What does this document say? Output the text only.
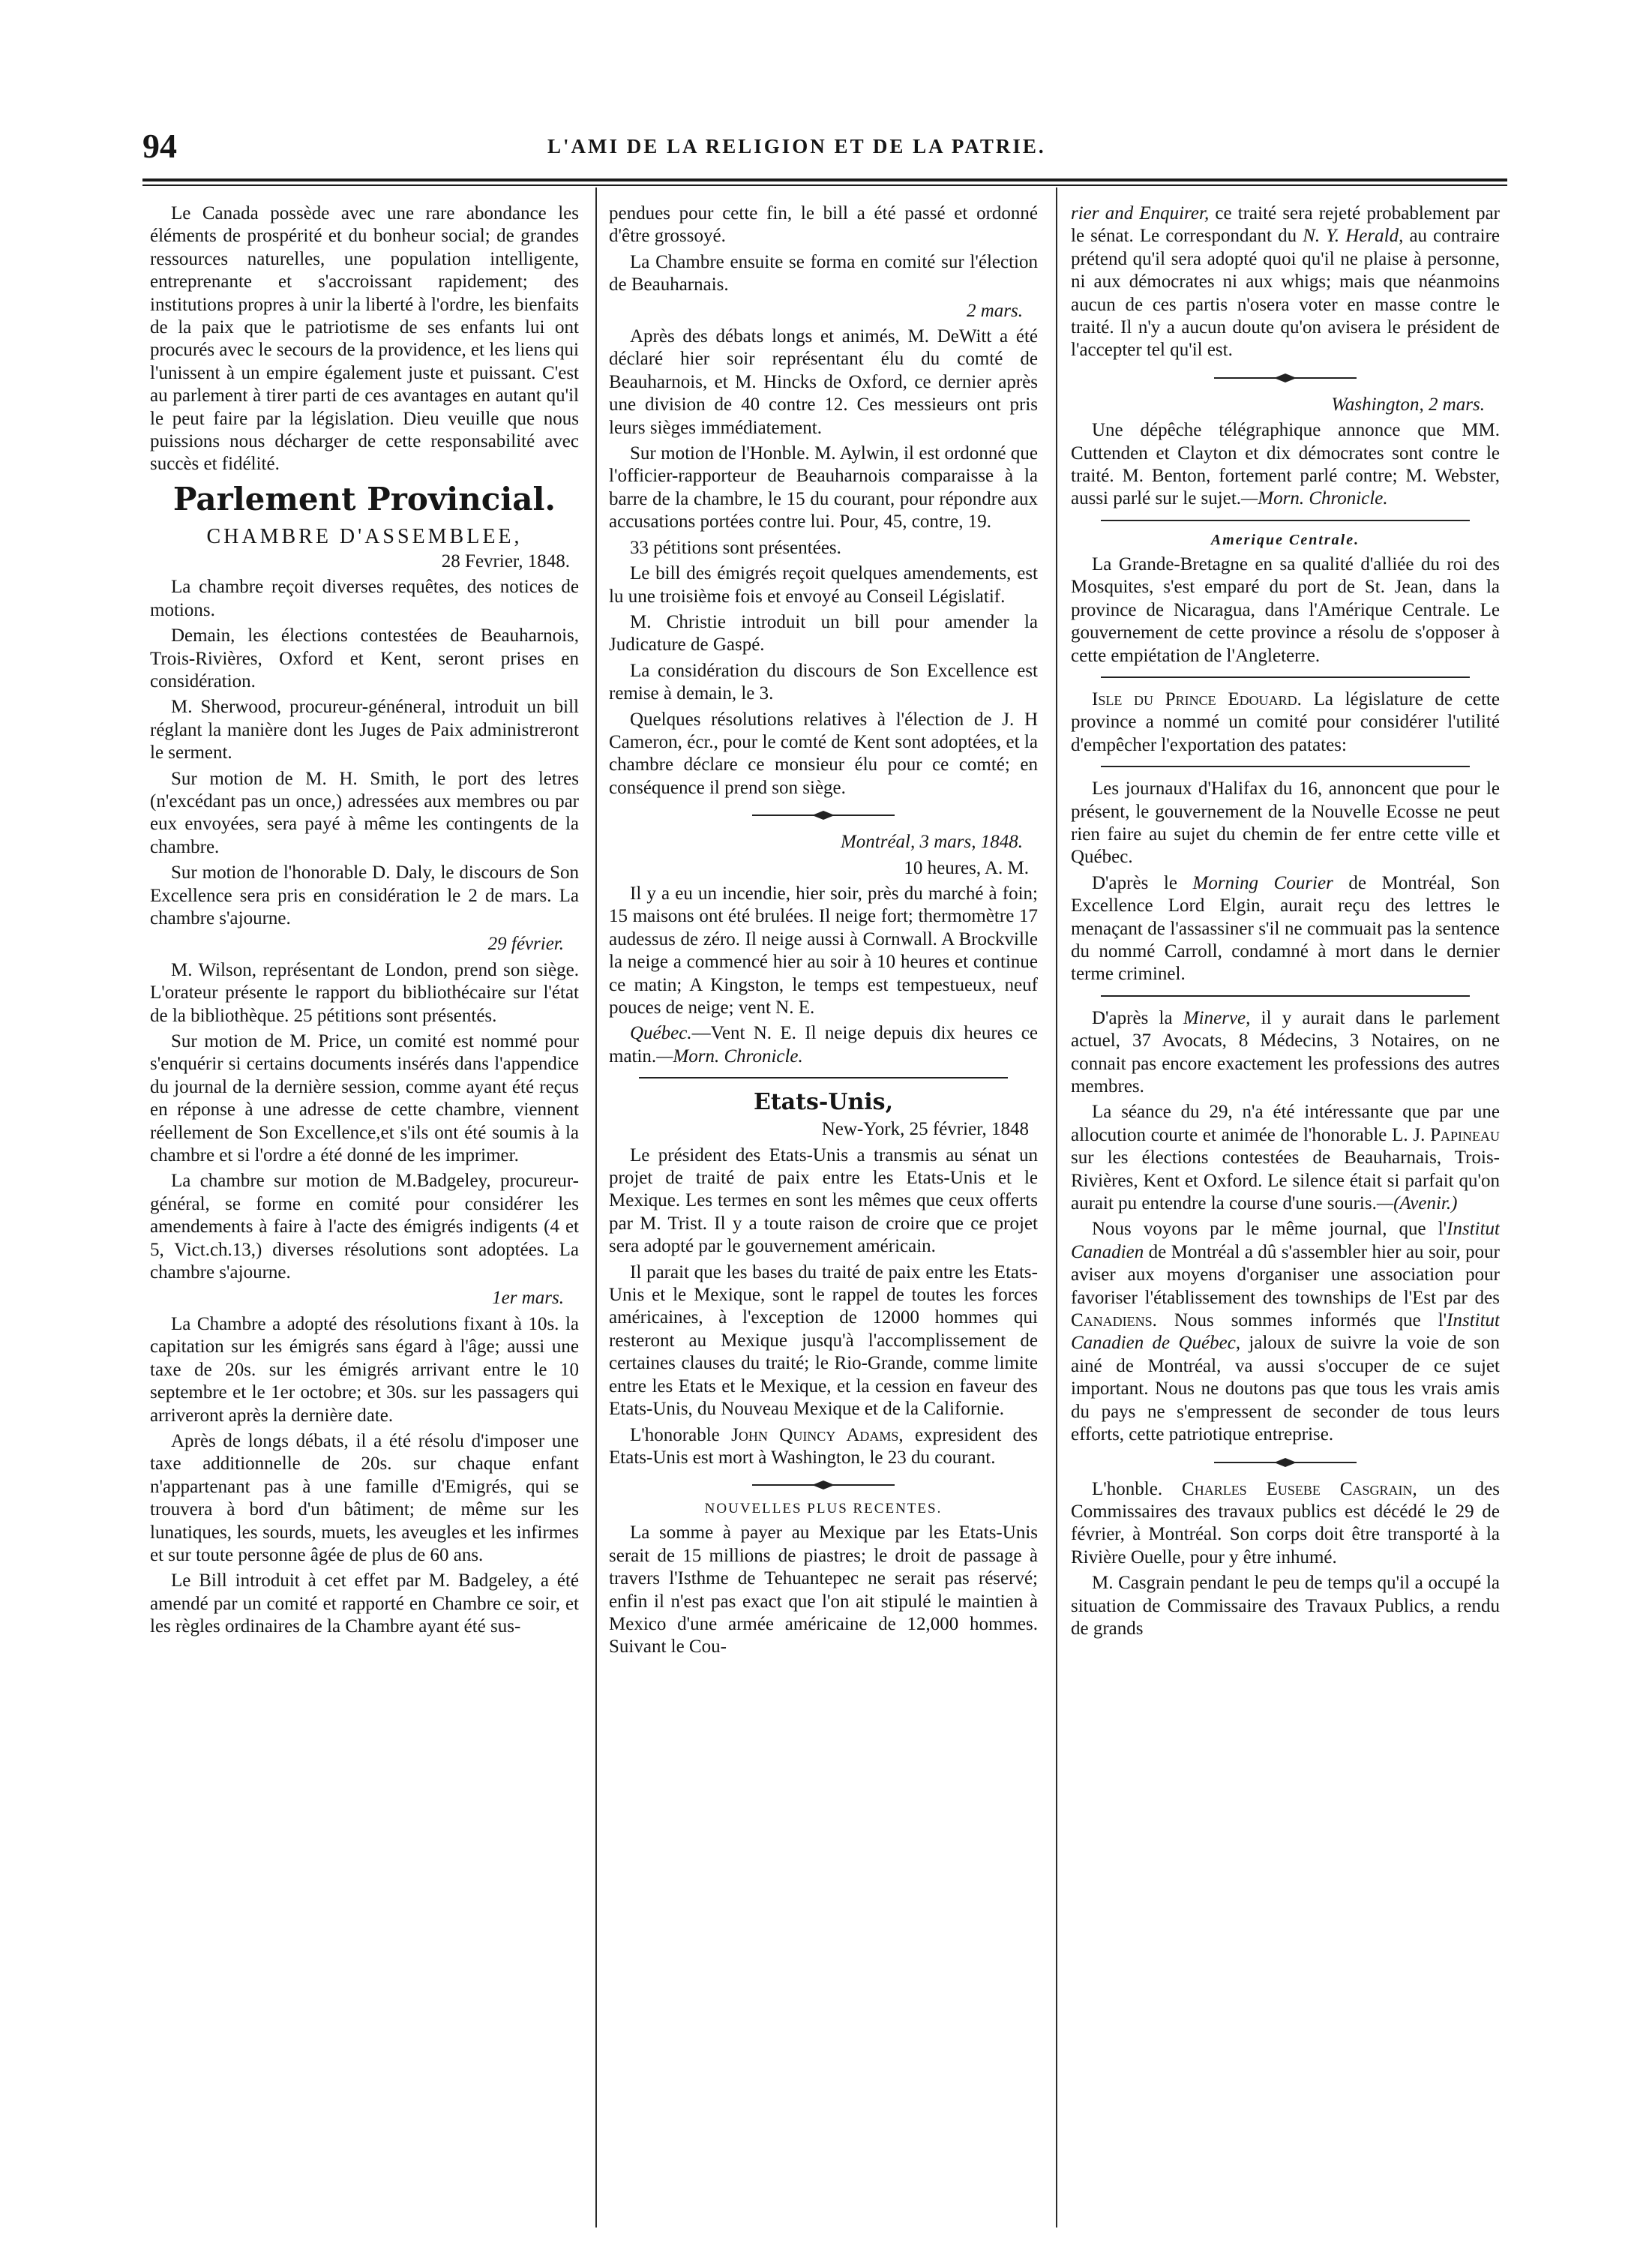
94	L'AMI DE LA RELIGION ET DE LA PATRIE.

Le Canada possède avec une rare abondance les éléments de prospérité et du bonheur social; de grandes ressources naturelles, une population intelligente, entreprenante et s'accroissant rapidement; des institutions propres à unir la liberté à l'ordre, les bienfaits de la paix que le patriotisme de ses enfants lui ont procurés avec le secours de la providence, et les liens qui l'unissent à un empire également juste et puissant. C'est au parlement à tirer parti de ces avantages en autant qu'il le peut faire par la législation. Dieu veuille que nous puissions nous décharger de cette responsabilité avec succès et fidélité.

Parlement Provincial.
CHAMBRE D'ASSEMBLEE,

28 Fevrier, 1848.

La chambre reçoit diverses requêtes, des notices de motions.

Demain, les élections contestées de Beauharnois, Trois-Rivières, Oxford et Kent, seront prises en considération.

M. Sherwood, procureur-généneral, introduit un bill réglant la manière dont les Juges de Paix administreront le serment.

Sur motion de M. H. Smith, le port des letres (n'excédant pas un once,) adressées aux membres ou par eux envoyées, sera payé à même les contingents de la chambre.

Sur motion de l'honorable D. Daly, le discours de Son Excellence sera pris en considération le 2 de mars. La chambre s'ajourne.

29 février.

M. Wilson, représentant de London, prend son siège. L'orateur présente le rapport du bibliothécaire sur l'état de la bibliothèque. 25 pétitions sont présentés.

Sur motion de M. Price, un comité est nommé pour s'enquérir si certains documents insérés dans l'appendice du journal de la dernière session, comme ayant été reçus en réponse à une adresse de cette chambre, viennent réellement de Son Excellence,et s'ils ont été soumis à la chambre et si l'ordre a été donné de les imprimer.

La chambre sur motion de M.Badgeley, procureur-général, se forme en comité pour considérer les amendements à faire à l'acte des émigrés indigents (4 et 5, Vict.ch.13,) diverses résolutions sont adoptées. La chambre s'ajourne.

1er mars.

La Chambre a adopté des résolutions fixant à 10s. la capitation sur les émigrés sans égard à l'âge; aussi une taxe de 20s. sur les émigrés arrivant entre le 10 septembre et le 1er octobre; et 30s. sur les passagers qui arriveront après la dernière date.

Après de longs débats, il a été résolu d'imposer une taxe additionnelle de 20s. sur chaque enfant n'appartenant pas à une famille d'Emigrés, qui se trouvera à bord d'un bâtiment; de même sur les lunatiques, les sourds, muets, les aveugles et les infirmes et sur toute personne âgée de plus de 60 ans.

Le Bill introduit à cet effet par M. Badgeley, a été amendé par un comité et rapporté en Chambre ce soir, et les règles ordinaires de la Chambre ayant été sus-

pendues pour cette fin, le bill a été passé et ordonné d'être grossoyé.

La Chambre ensuite se forma en comité sur l'élection de Beauharnais.

2 mars.

Après des débats longs et animés, M. DeWitt a été déclaré hier soir représentant élu du comté de Beauharnois, et M. Hincks de Oxford, ce dernier après une division de 40 contre 12. Ces messieurs ont pris leurs sièges immédiatement.

Sur motion de l'Honble. M. Aylwin, il est ordonné que l'officier-rapporteur de Beauharnois comparaisse à la barre de la chambre, le 15 du courant, pour répondre aux accusations portées contre lui. Pour, 45, contre, 19.

33 pétitions sont présentées.

Le bill des émigrés reçoit quelques amendements, est lu une troisième fois et envoyé au Conseil Législatif.

M. Christie introduit un bill pour amender la Judicature de Gaspé.

La considération du discours de Son Excellence est remise à demain, le 3.

Quelques résolutions relatives à l'élection de J. H Cameron, écr., pour le comté de Kent sont adoptées, et la chambre déclare ce monsieur élu pour ce comté; en conséquence il prend son siège.

Montréal, 3 mars, 1848.

10 heures, A. M.

Il y a eu un incendie, hier soir, près du marché à foin; 15 maisons ont été brulées. Il neige fort; thermomètre 17 audessus de zéro. Il neige aussi à Cornwall. A Brockville la neige a commencé hier au soir à 10 heures et continue ce matin; A Kingston, le temps est tempestueux, neuf pouces de neige; vent N. E.

Québec.—Vent N. E. Il neige depuis dix heures ce matin.—Morn. Chronicle.

Etats-Unis,

New-York, 25 février, 1848

Le président des Etats-Unis a transmis au sénat un projet de traité de paix entre les Etats-Unis et le Mexique. Les termes en sont les mêmes que ceux offerts par M. Trist. Il y a toute raison de croire que ce projet sera adopté par le gouvernement américain.

Il parait que les bases du traité de paix entre les Etats-Unis et le Mexique, sont le rappel de toutes les forces américaines, à l'exception de 12000 hommes qui resteront au Mexique jusqu'à l'accomplissement de certaines clauses du traité; le Rio-Grande, comme limite entre les Etats et le Mexique, et la cession en faveur des Etats-Unis, du Nouveau Mexique et de la Californie.

L'honorable John Quincy Adams, expresident des Etats-Unis est mort à Washington, le 23 du courant.

NOUVELLES PLUS RECENTES.

La somme à payer au Mexique par les Etats-Unis serait de 15 millions de piastres; le droit de passage à travers l'Isthme de Tehuantepec ne serait pas réservé; enfin il n'est pas exact que l'on ait stipulé le maintien à Mexico d'une armée américaine de 12,000 hommes. Suivant le Cou-

rier and Enquirer, ce traité sera rejeté probablement par le sénat. Le correspondant du N. Y. Herald, au contraire prétend qu'il sera adopté quoi qu'il ne plaise à personne, ni aux démocrates ni aux whigs; mais que néanmoins aucun de ces partis n'osera voter en masse contre le traité. Il n'y a aucun doute qu'on avisera le président de l'accepter tel qu'il est.

Washington, 2 mars.

Une dépêche télégraphique annonce que MM. Cuttenden et Clayton et dix démocrates sont contre le traité. M. Benton, fortement parlé contre; M. Webster, aussi parlé sur le sujet.—Morn. Chronicle.

Amerique Centrale.

La Grande-Bretagne en sa qualité d'alliée du roi des Mosquites, s'est emparé du port de St. Jean, dans la province de Nicaragua, dans l'Amérique Centrale. Le gouvernement de cette province a résolu de s'opposer à cette empiétation de l'Angleterre.

Isle du Prince Edouard. La législature de cette province a nommé un comité pour considérer l'utilité d'empêcher l'exportation des patates:

Les journaux d'Halifax du 16, annoncent que pour le présent, le gouvernement de la Nouvelle Ecosse ne peut rien faire au sujet du chemin de fer entre cette ville et Québec.

D'après le Morning Courier de Montréal, Son Excellence Lord Elgin, aurait reçu des lettres le menaçant de l'assassiner s'il ne commuait pas la sentence du nommé Carroll, condamné à mort dans le dernier terme criminel.

D'après la Minerve, il y aurait dans le parlement actuel, 37 Avocats, 8 Médecins, 3 Notaires, on ne connait pas encore exactement les professions des autres membres.

La séance du 29, n'a été intéressante que par une allocution courte et animée de l'honorable L. J. Papineau sur les élections contestées de Beauharnais, Trois-Rivières, Kent et Oxford. Le silence était si parfait qu'on aurait pu entendre la course d'une souris.—(Avenir.)

Nous voyons par le même journal, que l'Institut Canadien de Montréal a dû s'assembler hier au soir, pour aviser aux moyens d'organiser une association pour favoriser l'établissement des townships de l'Est par des Canadiens. Nous sommes informés que l'Institut Canadien de Québec, jaloux de suivre la voie de son ainé de Montréal, va aussi s'occuper de ce sujet important. Nous ne doutons pas que tous les vrais amis du pays ne s'empressent de seconder de tous leurs efforts, cette patriotique entreprise.

L'honble. Charles Eusebe Casgrain, un des Commissaires des travaux publics est décédé le 29 de février, à Montréal. Son corps doit être transporté à la Rivière Ouelle, pour y être inhumé.

M. Casgrain pendant le peu de temps qu'il a occupé la situation de Commissaire des Travaux Publics, a rendu de grands
